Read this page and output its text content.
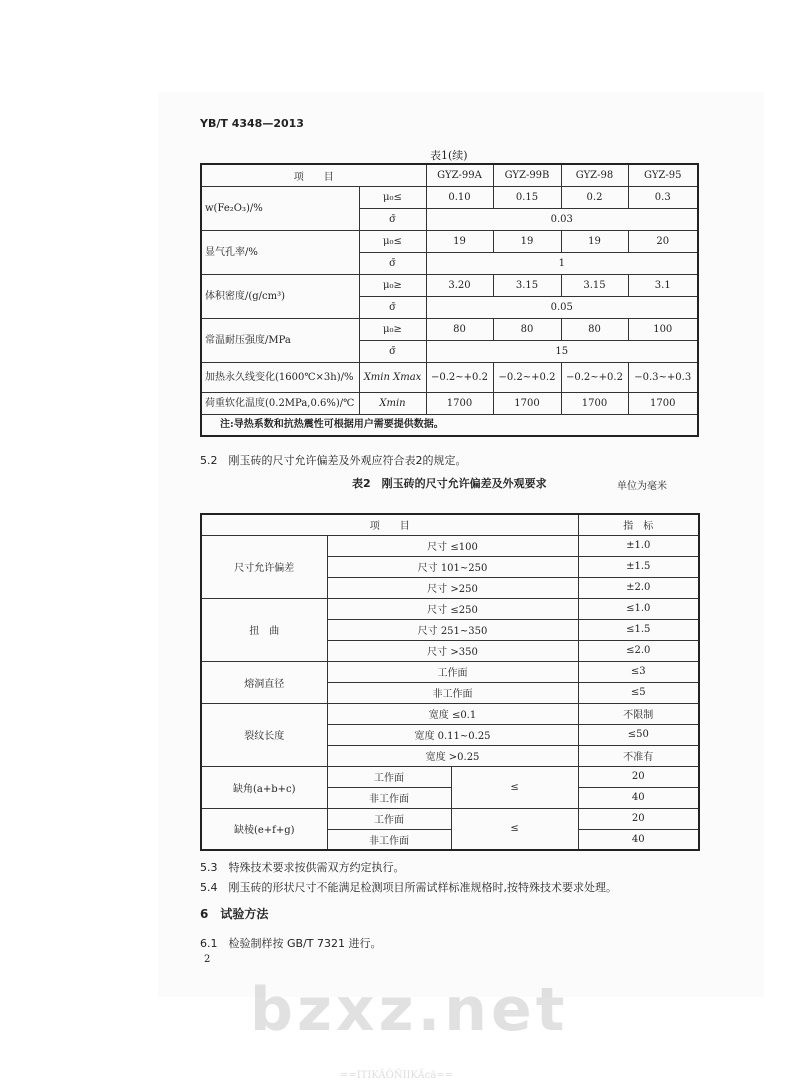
YB/T 4348—2013
表1(续)
项　　目		GYZ-99A	GYZ-99B	GYZ-98	GYZ-95
w(Fe₂O₃)/%	μ₀≤	0.10	0.15	0.2	0.3
	σ̄	0.03			
显气孔率/%	μ₀≤	19	19	19	20
	σ̄	1			
体积密度/(g/cm³)	μ₀≥	3.20	3.15	3.15	3.1
	σ̄	0.05			
常温耐压强度/MPa	μ₀≥	80	80	80	100
	σ̄	15			
加热永久线变化(1600℃×3h)/%	Xmin Xmax	−0.2~+0.2	−0.2~+0.2	−0.2~+0.2	−0.3~+0.3
荷重软化温度(0.2MPa,0.6%)/℃	Xmin	1700	1700	1700	1700
注:导热系数和抗热震性可根据用户需要提供数据。					
5.2　刚玉砖的尺寸允许偏差及外观应符合表2的规定。
表2　刚玉砖的尺寸允许偏差及外观要求	单位为毫米
项　　目			指　标
尺寸允许偏差	尺寸 ≤100		±1.0
	尺寸 101~250		±1.5
	尺寸 >250		±2.0
扭　曲	尺寸 ≤250		≤1.0
	尺寸 251~350		≤1.5
	尺寸 >350		≤2.0
熔洞直径	工作面		≤3
	非工作面		≤5
裂纹长度	宽度 ≤0.1		不限制
	宽度 0.11~0.25		≤50
	宽度 >0.25		不准有
缺角(a+b+c)	工作面	≤	20
	非工作面		40
缺棱(e+f+g)	工作面	≤	20
	非工作面		40
5.3　特殊技术要求按供需双方约定执行。
5.4　刚玉砖的形状尺寸不能满足检测项目所需试样标准规格时,按特殊技术要求处理。
6　试验方法
6.1　检验制样按 GB/T 7321 进行。
2
bzxz.net
==ITIKÄÖÑIIKÄcä==
